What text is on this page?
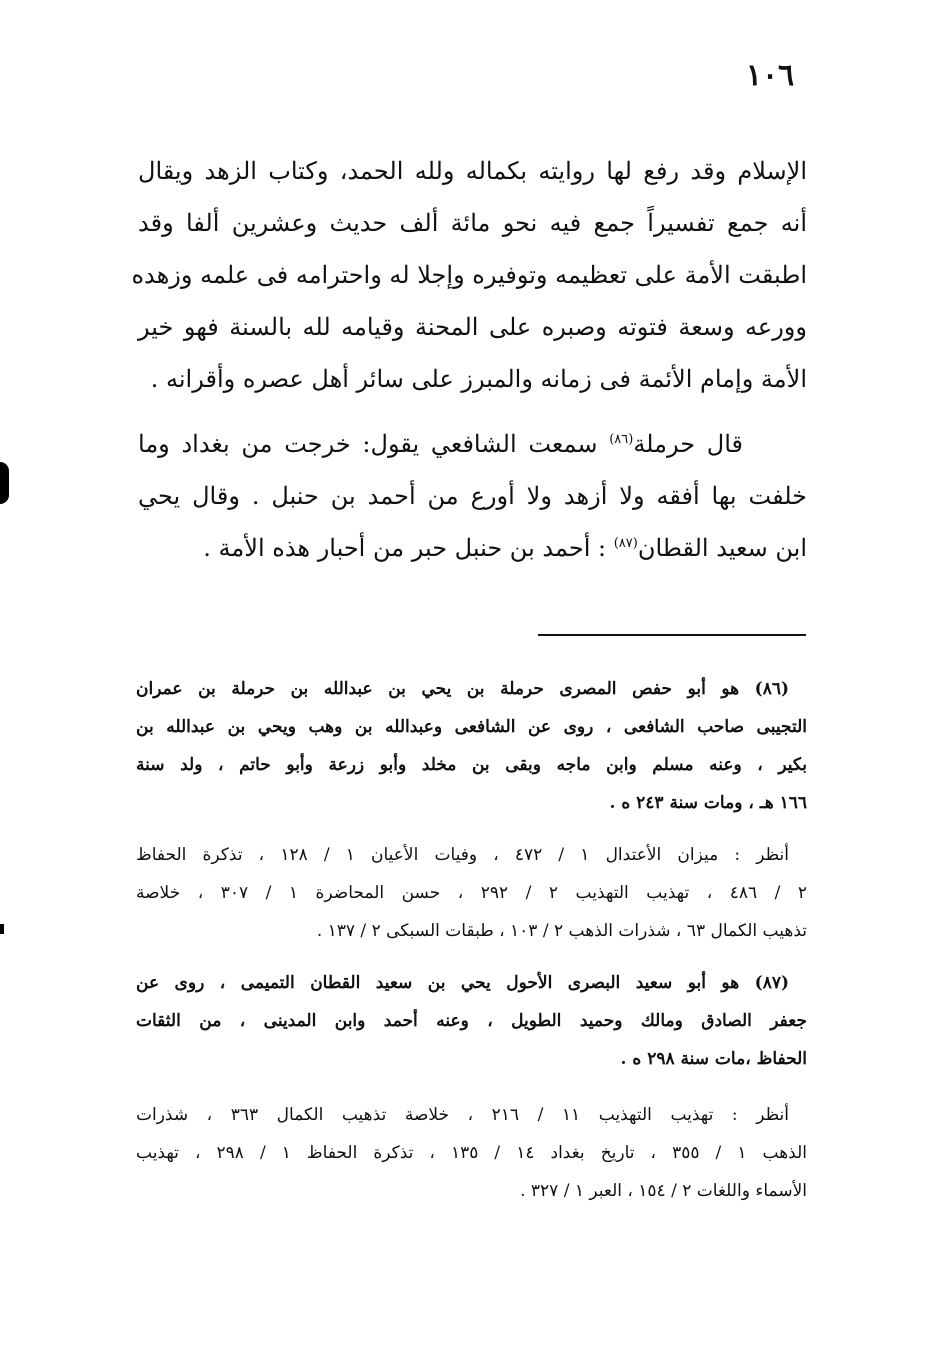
١٠٦
الإسلام وقد رفع لها روايته بكماله ولله الحمد، وكتاب الزهد ويقال
أنه جمع تفسيراً جمع فيه نحو مائة ألف حديث وعشرين ألفا وقد
اطبقت الأمة على تعظيمه وتوفيره وإجلا له واحترامه فى علمه وزهده
وورعه وسعة فتوته وصبره على المحنة وقيامه لله بالسنة فهو خير
الأمة وإمام الأئمة فى زمانه والمبرز على سائر أهل عصره وأقرانه .
قال حرملة$^{(٨٦)}$ سمعت الشافعي يقول: خرجت من بغداد وما
خلفت بها أفقه ولا أزهد ولا أورع من أحمد بن حنبل . وقال يحي
ابن سعيد القطان$^{(٨٧)}$ : أحمد بن حنبل حبر من أحبار هذه الأمة .
(٨٦) هو أبو حفص المصرى حرملة بن يحي بن عبدالله بن حرملة بن عمران
التجيبى صاحب الشافعى ، روى عن الشافعى وعبدالله بن وهب ويحي بن عبدالله بن
بكير ، وعنه مسلم وابن ماجه وبقى بن مخلد وأبو زرعة وأبو حاتم ، ولد سنة
١٦٦ هـ ، ومات سنة ٢٤٣ ه .
أنظر : ميزان الأعتدال ١ / ٤٧٢ ، وفيات الأعيان ١ / ١٢٨ ، تذكرة الحفاظ
٢ / ٤٨٦ ، تهذيب التهذيب ٢ / ٢٩٢ ، حسن المحاضرة ١ / ٣٠٧ ، خلاصة
تذهيب الكمال ٦٣ ، شذرات الذهب ٢ / ١٠٣ ، طبقات السبكى ٢ / ١٣٧ .
(٨٧) هو أبو سعيد البصرى الأحول يحي بن سعيد القطان التميمى ، روى عن
جعفر الصادق ومالك وحميد الطويل ، وعنه أحمد وابن المدينى ، من الثقات
الحفاظ ،مات سنة ٢٩٨ ه .
أنظر : تهذيب التهذيب ١١ / ٢١٦ ، خلاصة تذهيب الكمال ٣٦٣ ، شذرات
الذهب ١ / ٣٥٥ ، تاريخ بغداد ١٤ / ١٣٥ ، تذكرة الحفاظ ١ / ٢٩٨ ، تهذيب
الأسماء واللغات ٢ / ١٥٤ ، العبر ١ / ٣٢٧ .
